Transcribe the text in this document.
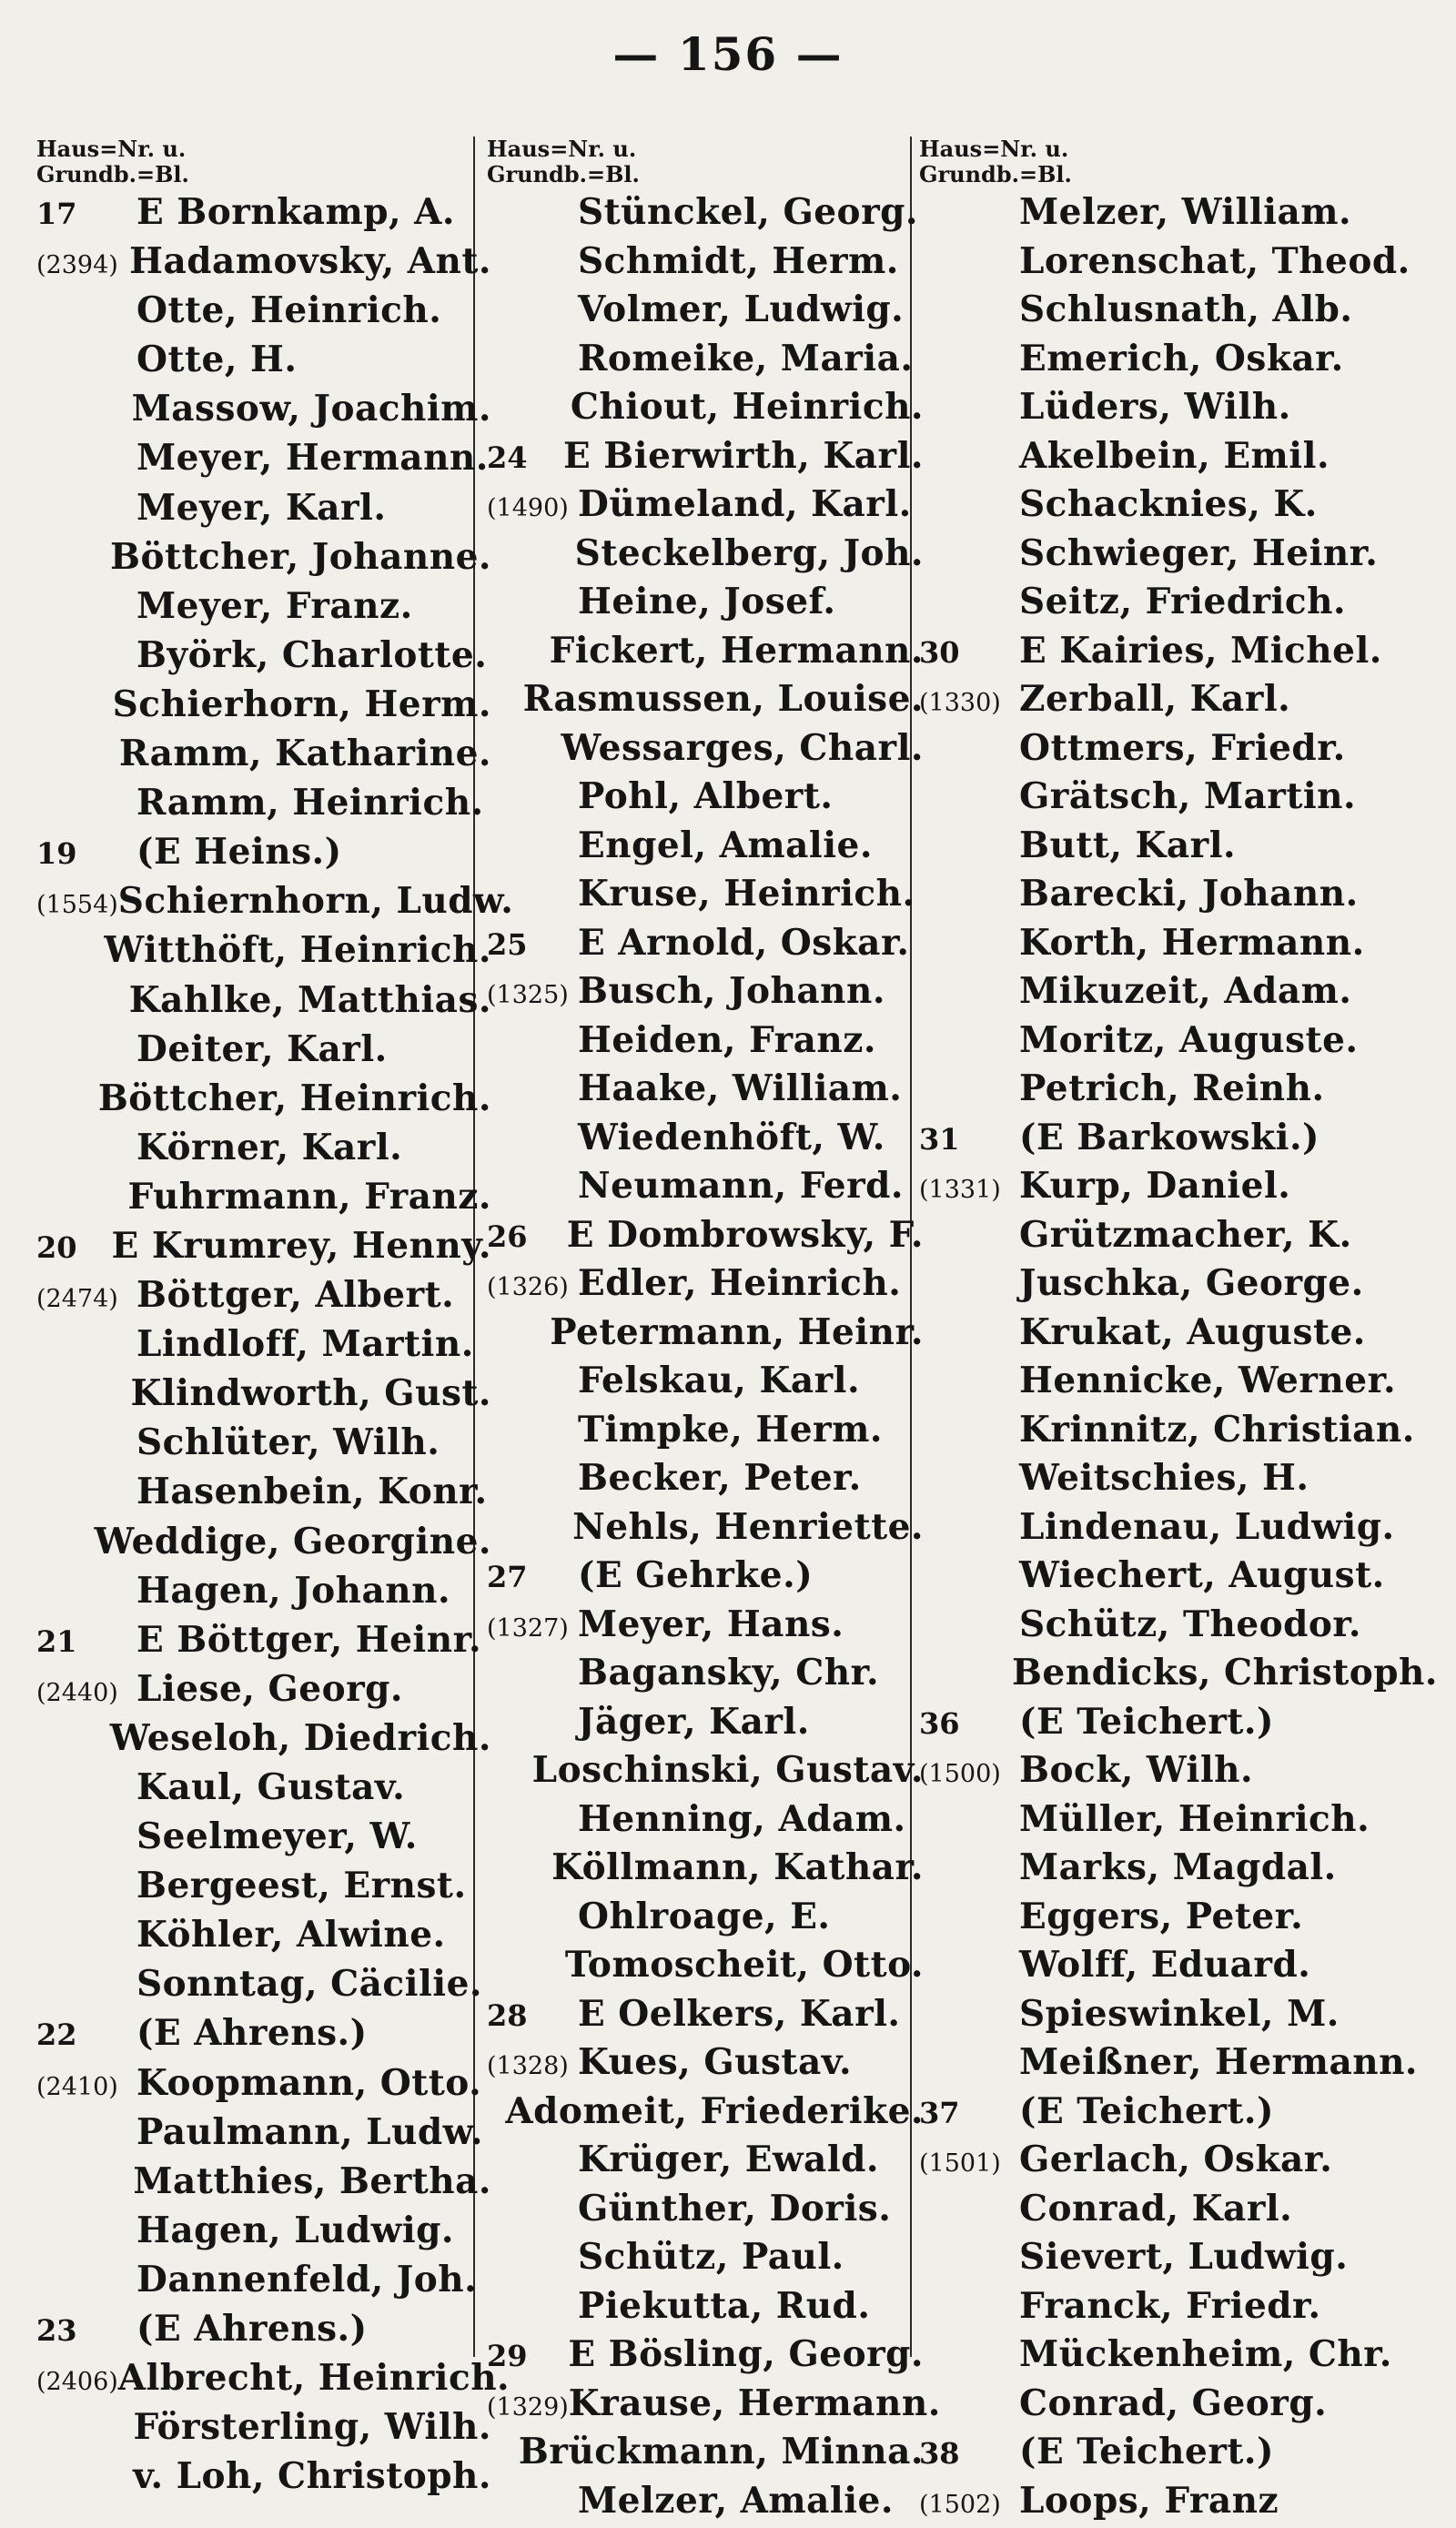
— 156 —
Haus=Nr. u.
Grundb.=Bl.
17	E Bornkamp, A.
(2394) Hadamovsky, Ant.
Otte, Heinrich.
Otte, H.
Massow, Joachim.
Meyer, Hermann.
Meyer, Karl.
Böttcher, Johanne.
Meyer, Franz.
Byörk, Charlotte.
Schierhorn, Herm.
Ramm, Katharine.
Ramm, Heinrich.
19	(E Heins.)
(1554) Schiernhorn, Ludw.
Witthöft, Heinrich.
Kahlke, Matthias.
Deiter, Karl.
Böttcher, Heinrich.
Körner, Karl.
Fuhrmann, Franz.
20 E Krumrey, Henny.
(2474) Böttger, Albert.
Lindloff, Martin.
Klindworth, Gust.
Schlüter, Wilh.
Hasenbein, Konr.
Weddige, Georgine.
Hagen, Johann.
21	E Böttger, Heinr.
(2440) Liese, Georg.
Weseloh, Diedrich.
Kaul, Gustav.
Seelmeyer, W.
Bergeest, Ernst.
Köhler, Alwine.
Sonntag, Cäcilie.
22	(E Ahrens.)
(2410) Koopmann, Otto.
Paulmann, Ludw.
Matthies, Bertha.
Hagen, Ludwig.
Dannenfeld, Joh.
23	(E Ahrens.)
(2406) Albrecht, Heinrich.
Försterling, Wilh.
v. Loh, Christoph.
Haus=Nr. u.
Grundb.=Bl.
Stünckel, Georg.
Schmidt, Herm.
Volmer, Ludwig.
Romeike, Maria.
Chiout, Heinrich.
24	E Bierwirth, Karl.
(1490) Dümeland, Karl.
Steckelberg, Joh.
Heine, Josef.
Fickert, Hermann.
Rasmussen, Louise.
Wessarges, Charl.
Pohl, Albert.
Engel, Amalie.
Kruse, Heinrich.
25	E Arnold, Oskar.
(1325) Busch, Johann.
Heiden, Franz.
Haake, William.
Wiedenhöft, W.
Neumann, Ferd.
26	E Dombrowsky, F.
(1326) Edler, Heinrich.
Petermann, Heinr.
Felskau, Karl.
Timpke, Herm.
Becker, Peter.
Nehls, Henriette.
27	(E Gehrke.)
(1327) Meyer, Hans.
Bagansky, Chr.
Jäger, Karl.
Loschinski, Gustav.
Henning, Adam.
Köllmann, Kathar.
Ohlroage, E.
Tomoscheit, Otto.
28	E Oelkers, Karl.
(1328) Kues, Gustav.
Adomeit, Friederike.
Krüger, Ewald.
Günther, Doris.
Schütz, Paul.
Piekutta, Rud.
29	E Bösling, Georg.
(1329) Krause, Hermann.
Brückmann, Minna.
Melzer, Amalie.
Haus=Nr. u.
Grundb.=Bl.
Melzer, William.
Lorenschat, Theod.
Schlusnath, Alb.
Emerich, Oskar.
Lüders, Wilh.
Akelbein, Emil.
Schacknies, K.
Schwieger, Heinr.
Seitz, Friedrich.
30	E Kairies, Michel.
(1330) Zerball, Karl.
Ottmers, Friedr.
Grätsch, Martin.
Butt, Karl.
Barecki, Johann.
Korth, Hermann.
Mikuzeit, Adam.
Moritz, Auguste.
Petrich, Reinh.
31	(E Barkowski.)
(1331) Kurp, Daniel.
Grützmacher, K.
Juschka, George.
Krukat, Auguste.
Hennicke, Werner.
Krinnitz, Christian.
Weitschies, H.
Lindenau, Ludwig.
Wiechert, August.
Schütz, Theodor.
Bendicks, Christoph.
36	(E Teichert.)
(1500) Bock, Wilh.
Müller, Heinrich.
Marks, Magdal.
Eggers, Peter.
Wolff, Eduard.
Spieswinkel, M.
Meißner, Hermann.
37	(E Teichert.)
(1501) Gerlach, Oskar.
Conrad, Karl.
Sievert, Ludwig.
Franck, Friedr.
Mückenheim, Chr.
Conrad, Georg.
38	(E Teichert.)
(1502) Loops, Franz
